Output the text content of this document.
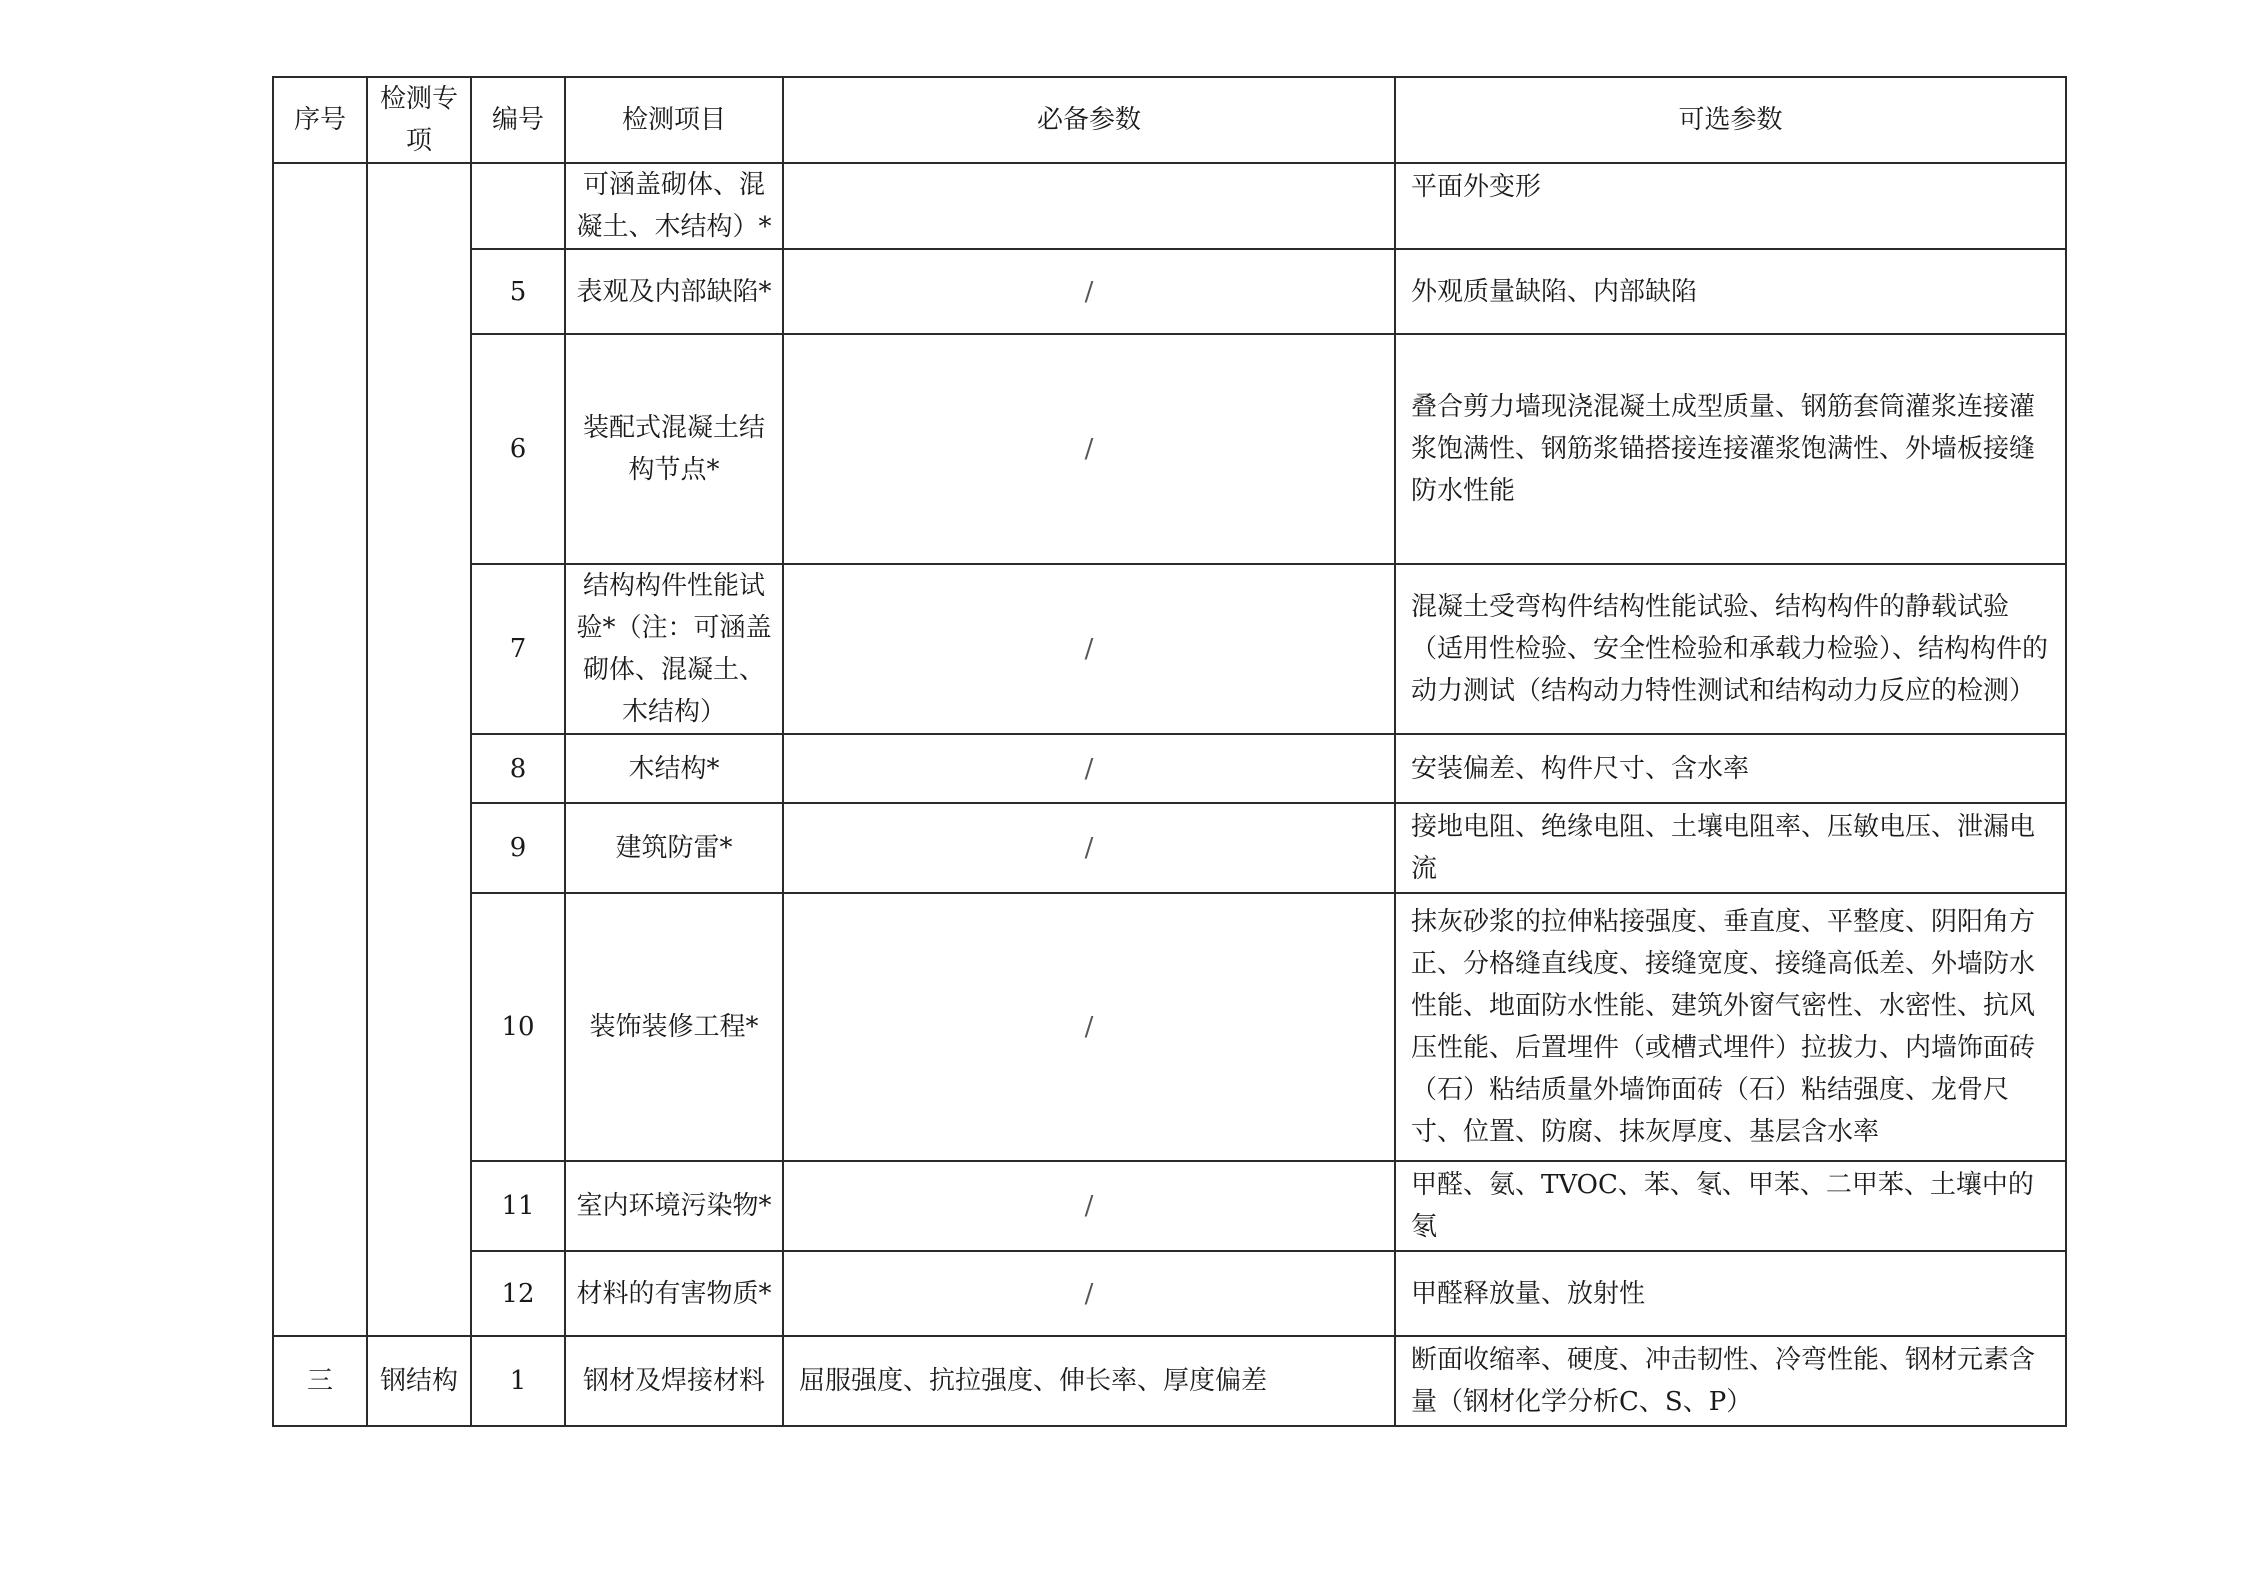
序号	检测专项	编号	检测项目	必备参数	可选参数
			可涵盖砌体、混凝土、木结构）*		平面外变形
		5	表观及内部缺陷*	/	外观质量缺陷、内部缺陷
		6	装配式混凝土结构节点*	/	叠合剪力墙现浇混凝土成型质量、钢筋套筒灌浆连接灌浆饱满性、钢筋浆锚搭接连接灌浆饱满性、外墙板接缝防水性能
		7	结构构件性能试验*（注：可涵盖砌体、混凝土、木结构）	/	混凝土受弯构件结构性能试验、结构构件的静载试验（适用性检验、安全性检验和承载力检验）、结构构件的动力测试（结构动力特性测试和结构动力反应的检测）
		8	木结构*	/	安装偏差、构件尺寸、含水率
		9	建筑防雷*	/	接地电阻、绝缘电阻、土壤电阻率、压敏电压、泄漏电流
		10	装饰装修工程*	/	抹灰砂浆的拉伸粘接强度、垂直度、平整度、阴阳角方正、分格缝直线度、接缝宽度、接缝高低差、外墙防水性能、地面防水性能、建筑外窗气密性、水密性、抗风压性能、后置埋件（或槽式埋件）拉拔力、内墙饰面砖（石）粘结质量外墙饰面砖（石）粘结强度、龙骨尺寸、位置、防腐、抹灰厚度、基层含水率
		11	室内环境污染物*	/	甲醛、氨、TVOC、苯、氡、甲苯、二甲苯、土壤中的氡
		12	材料的有害物质*	/	甲醛释放量、放射性
三	钢结构	1	钢材及焊接材料	屈服强度、抗拉强度、伸长率、厚度偏差	断面收缩率、硬度、冲击韧性、冷弯性能、钢材元素含量（钢材化学分析C、S、P）
